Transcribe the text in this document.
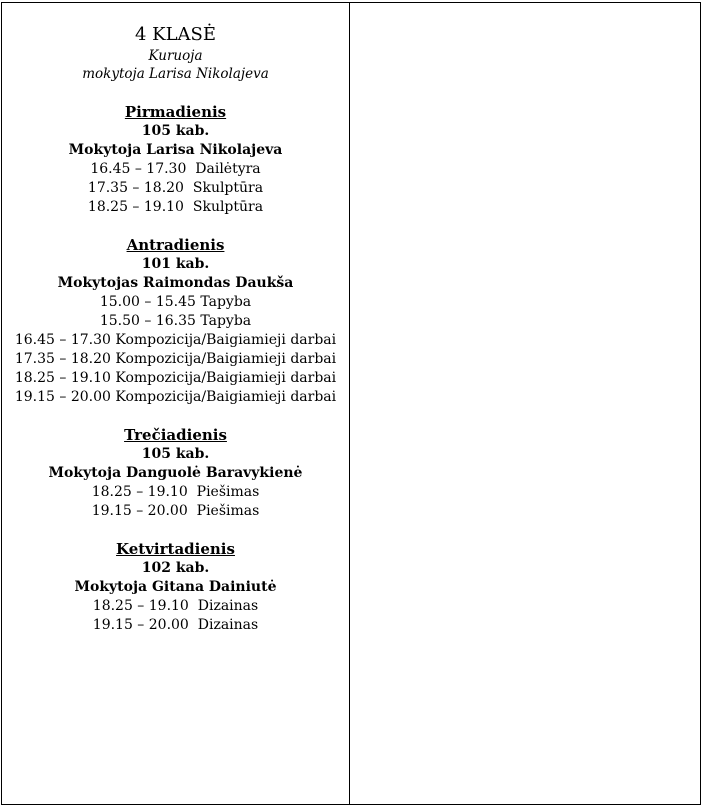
4 KLASĖ
Kuruoja
mokytoja Larisa Nikolajeva
Pirmadienis
105 kab.
Mokytoja Larisa Nikolajeva
16.45 – 17.30  Dailėtyra
17.35 – 18.20  Skulptūra
18.25 – 19.10  Skulptūra
Antradienis
101 kab.
Mokytojas Raimondas Daukša
15.00 – 15.45 Tapyba
15.50 – 16.35 Tapyba
16.45 – 17.30 Kompozicija/Baigiamieji darbai
17.35 – 18.20 Kompozicija/Baigiamieji darbai
18.25 – 19.10 Kompozicija/Baigiamieji darbai
19.15 – 20.00 Kompozicija/Baigiamieji darbai
Trečiadienis
105 kab.
Mokytoja Danguolė Baravykienė
18.25 – 19.10  Piešimas
19.15 – 20.00  Piešimas
Ketvirtadienis
102 kab.
Mokytoja Gitana Dainiutė
18.25 – 19.10  Dizainas
19.15 – 20.00  Dizainas
